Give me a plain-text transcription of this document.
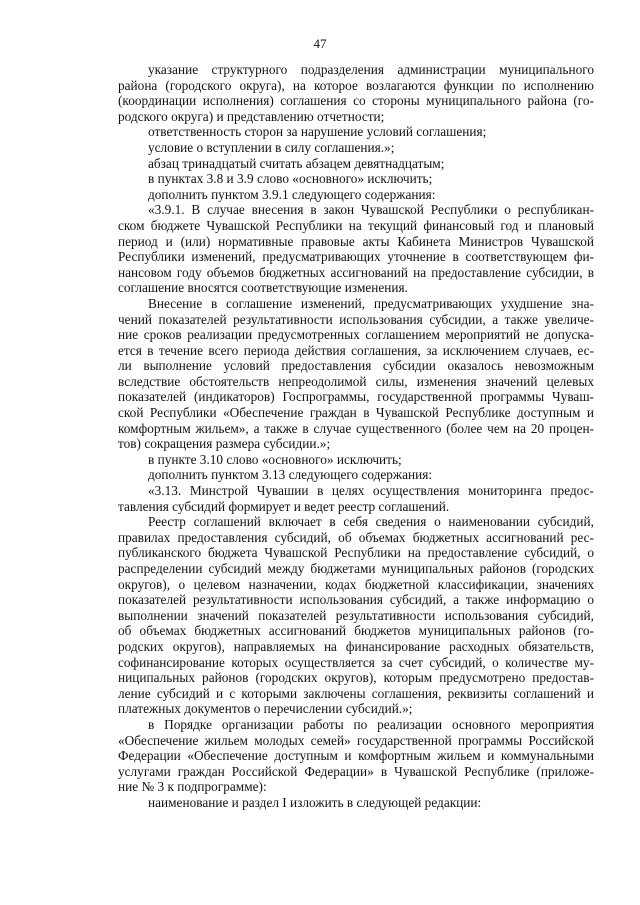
47
указание структурного подразделения администрации муниципального
района (городского округа), на которое возлагаются функции по исполнению
(координации исполнения) соглашения со стороны муниципального района (го-
родского округа) и представлению отчетности;
ответственность сторон за нарушение условий соглашения;
условие о вступлении в силу соглашения.»;
абзац тринадцатый считать абзацем девятнадцатым;
в пунктах 3.8 и 3.9 слово «основного» исключить;
дополнить пунктом 3.9.1 следующего содержания:
«3.9.1. В случае внесения в закон Чувашской Республики о республикан-
ском бюджете Чувашской Республики на текущий финансовый год и плановый
период и (или) нормативные правовые акты Кабинета Министров Чувашской
Республики изменений, предусматривающих уточнение в соответствующем фи-
нансовом году объемов бюджетных ассигнований на предоставление субсидии, в
соглашение вносятся соответствующие изменения.
Внесение в соглашение изменений, предусматривающих ухудшение зна-
чений показателей результативности использования субсидии, а также увеличе-
ние сроков реализации предусмотренных соглашением мероприятий не допуска-
ется в течение всего периода действия соглашения, за исключением случаев, ес-
ли выполнение условий предоставления субсидии оказалось невозможным
вследствие обстоятельств непреодолимой силы, изменения значений целевых
показателей (индикаторов) Госпрограммы, государственной программы Чуваш-
ской Республики «Обеспечение граждан в Чувашской Республике доступным и
комфортным жильем», а также в случае существенного (более чем на 20 процен-
тов) сокращения размера субсидии.»;
в пункте 3.10 слово «основного» исключить;
дополнить пунктом 3.13 следующего содержания:
«3.13. Минстрой Чувашии в целях осуществления мониторинга предос-
тавления субсидий формирует и ведет реестр соглашений.
Реестр соглашений включает в себя сведения о наименовании субсидий,
правилах предоставления субсидий, об объемах бюджетных ассигнований рес-
публиканского бюджета Чувашской Республики на предоставление субсидий, о
распределении субсидий между бюджетами муниципальных районов (городских
округов), о целевом назначении, кодах бюджетной классификации, значениях
показателей результативности использования субсидий, а также информацию о
выполнении значений показателей результативности использования субсидий,
об объемах бюджетных ассигнований бюджетов муниципальных районов (го-
родских округов), направляемых на финансирование расходных обязательств,
софинансирование которых осуществляется за счет субсидий, о количестве му-
ниципальных районов (городских округов), которым предусмотрено предостав-
ление субсидий и с которыми заключены соглашения, реквизиты соглашений и
платежных документов о перечислении субсидий.»;
в Порядке организации работы по реализации основного мероприятия
«Обеспечение жильем молодых семей» государственной программы Российской
Федерации «Обеспечение доступным и комфортным жильем и коммунальными
услугами граждан Российской Федерации» в Чувашской Республике (приложе-
ние № 3 к подпрограмме):
наименование и раздел I изложить в следующей редакции:
